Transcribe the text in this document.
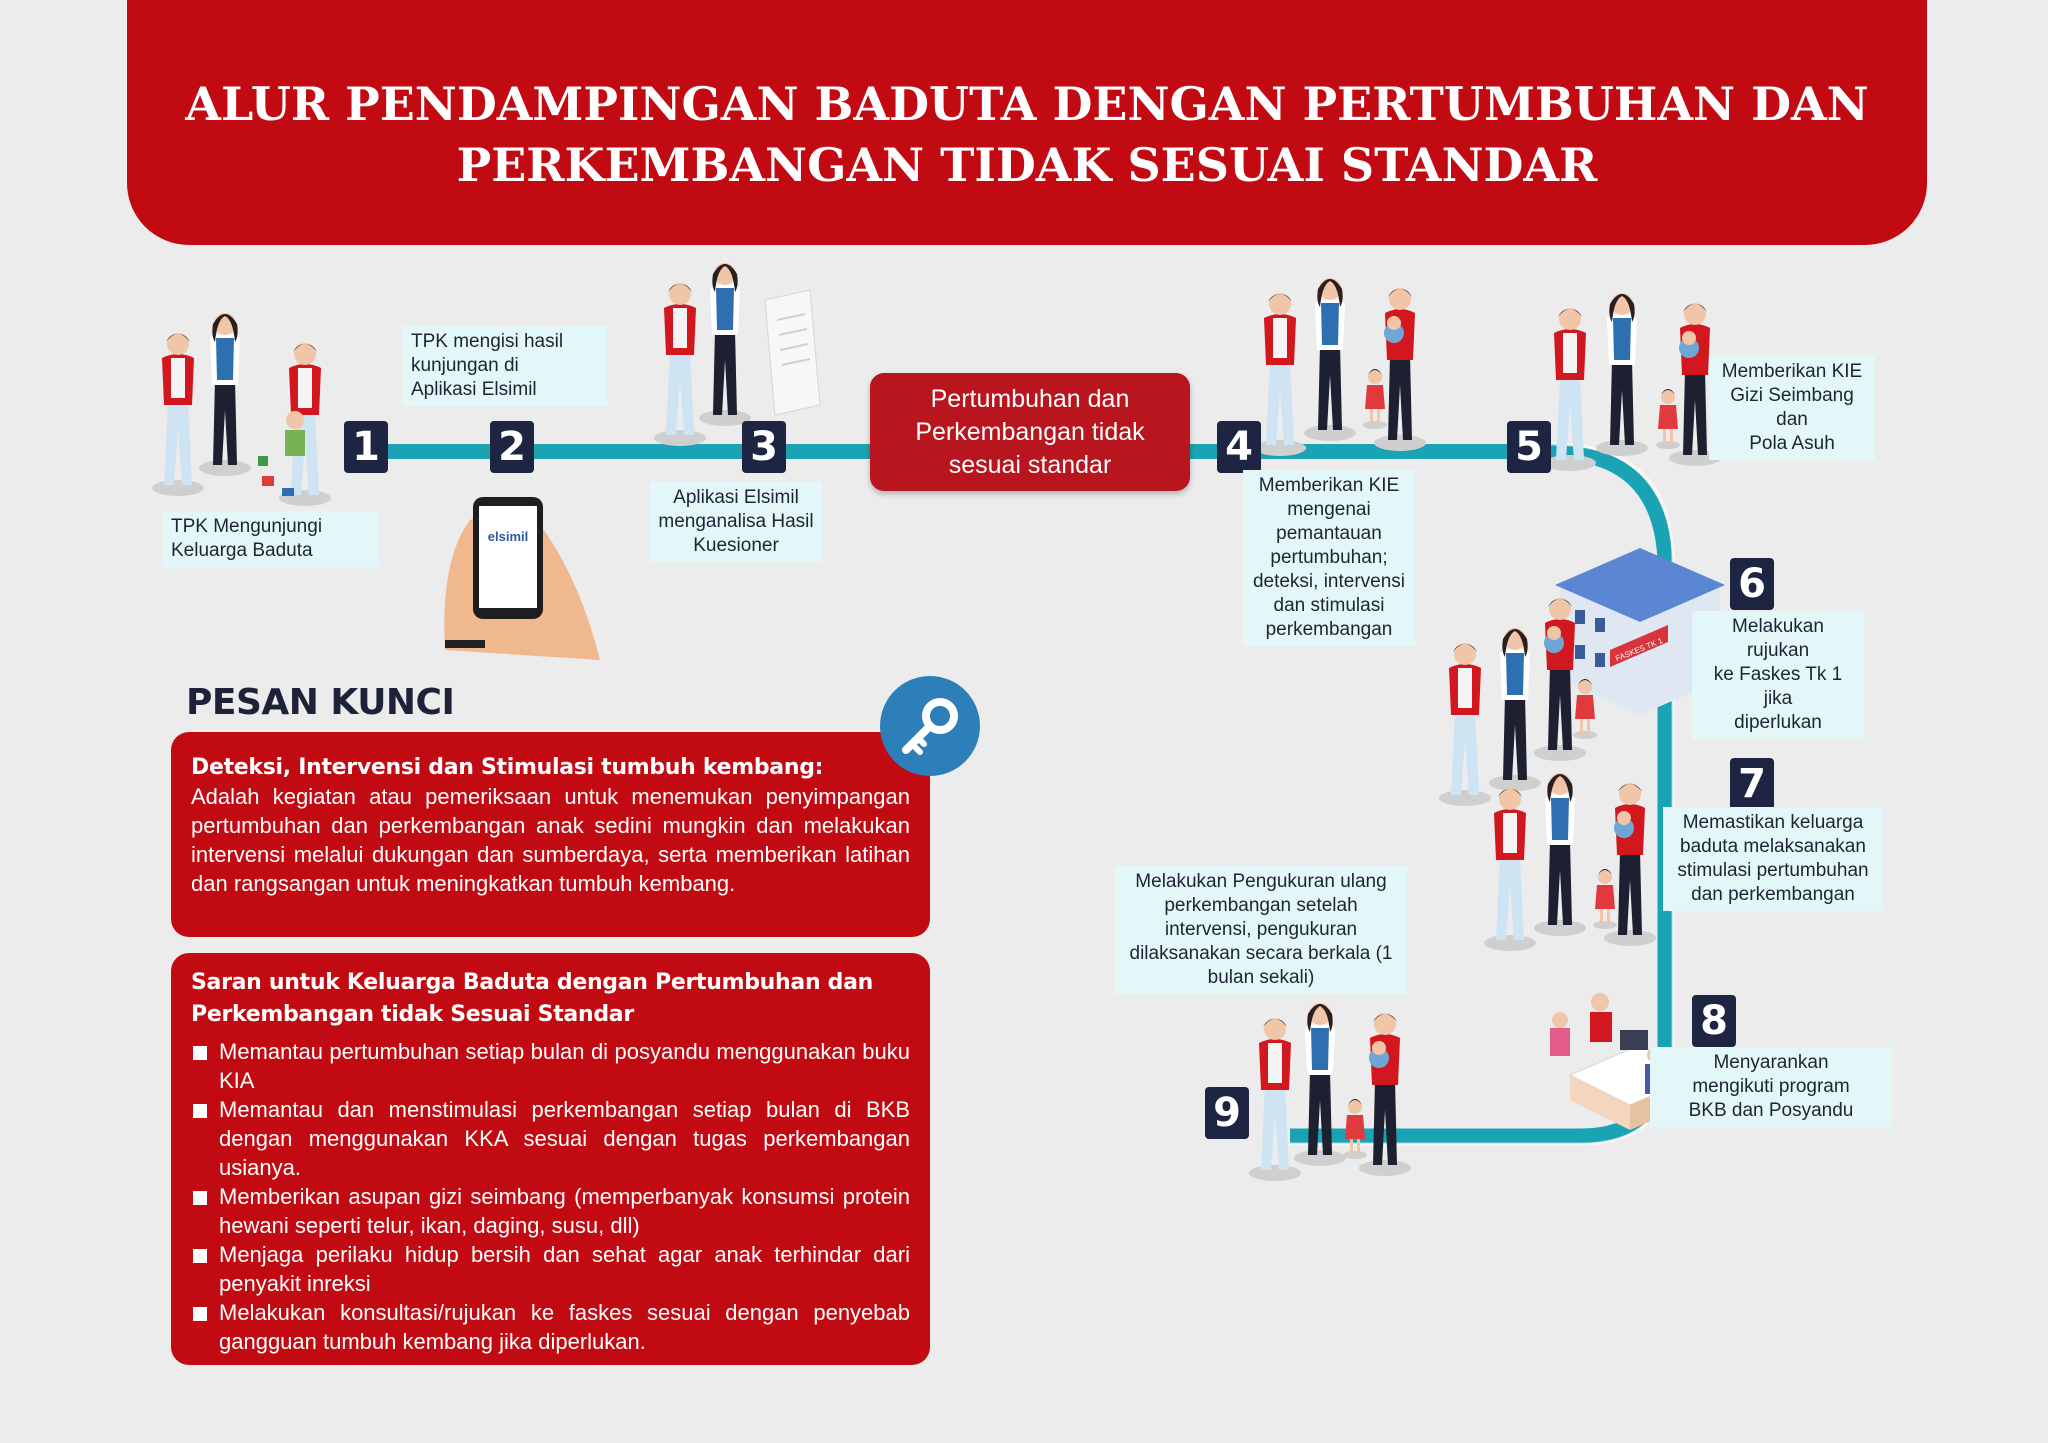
ALUR PENDAMPINGAN BADUTA DENGAN PERTUMBUHAN DAN
PERKEMBANGAN TIDAK SESUAI STANDAR
elsimil
FASKES TK 1
Pertumbuhan dan
Perkembangan tidak
sesuai standar
1	2	3	4	5
6
7
8
9
TPK Mengunjungi
Keluarga Baduta
TPK mengisi hasil
kunjungan di
Aplikasi Elsimil
Aplikasi Elsimil
menganalisa Hasil
Kuesioner
Memberikan KIE
mengenai
pemantauan
pertumbuhan;
deteksi, intervensi
dan stimulasi
perkembangan
Memberikan KIE
Gizi Seimbang dan
Pola Asuh
Melakukan rujukan
ke Faskes Tk 1 jika
diperlukan
Memastikan keluarga
baduta melaksanakan
stimulasi pertumbuhan
dan perkembangan
Menyarankan
mengikuti program
BKB dan Posyandu
Melakukan Pengukuran ulang
perkembangan setelah
intervensi, pengukuran
dilaksanakan secara berkala (1
bulan sekali)
PESAN KUNCI
Deteksi, Intervensi dan Stimulasi tumbuh kembang:

Adalah kegiatan atau pemeriksaan untuk menemukan penyimpangan pertumbuhan dan perkembangan anak sedini mungkin dan melakukan intervensi melalui dukungan dan sumberdaya, serta memberikan latihan dan rangsangan untuk meningkatkan tumbuh kembang.

Saran untuk Keluarga Baduta dengan Pertumbuhan dan
Perkembangan tidak Sesuai Standar
Memantau pertumbuhan setiap bulan di posyandu menggunakan buku KIA
Memantau dan menstimulasi perkembangan setiap bulan di BKB dengan menggunakan KKA sesuai dengan tugas perkembangan usianya.
Memberikan asupan gizi seimbang (memperbanyak konsumsi protein hewani seperti telur, ikan, daging, susu, dll)
Menjaga perilaku hidup bersih dan sehat agar anak terhindar dari penyakit inreksi
Melakukan konsultasi/rujukan ke faskes sesuai dengan penyebab gangguan tumbuh kembang jika diperlukan.
